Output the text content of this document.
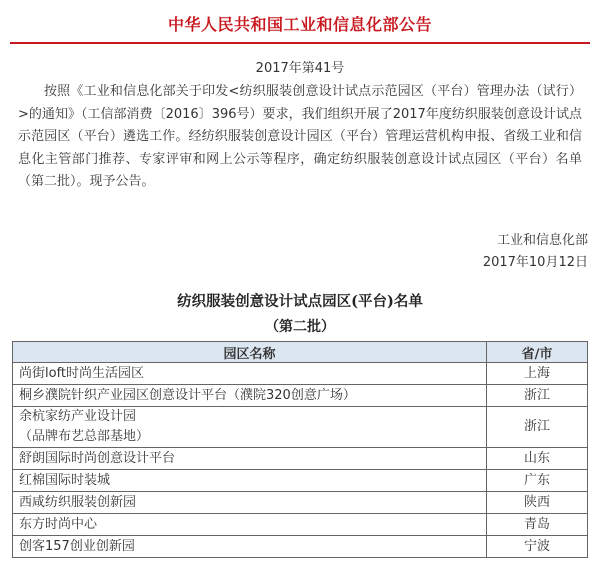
中华人民共和国工业和信息化部公告
2017年第41号

按照《工业和信息化部关于印发<纺织服装创意设计试点示范园区（平台）管理办法（试行）>的通知》（工信部消费〔2016〕396号）要求，我们组织开展了2017年度纺织服装创意设计试点示范园区（平台）遴选工作。经纺织服装创意设计园区（平台）管理运营机构申报、省级工业和信息化主管部门推荐、专家评审和网上公示等程序，确定纺织服装创意设计试点园区（平台）名单（第二批）。现予公告。

工业和信息化部
2017年10月12日
纺织服装创意设计试点园区(平台)名单
（第二批）
园区名称	省/市
尚街loft时尚生活园区	上海
桐乡濮院针织产业园区创意设计平台（濮院320创意广场）	浙江

余杭家纺产业设计园
（品牌布艺总部基地）	浙江
舒朗国际时尚创意设计平台	山东
红棉国际时装城	广东
西咸纺织服装创新园	陕西
东方时尚中心	青岛
创客157创业创新园	宁波
